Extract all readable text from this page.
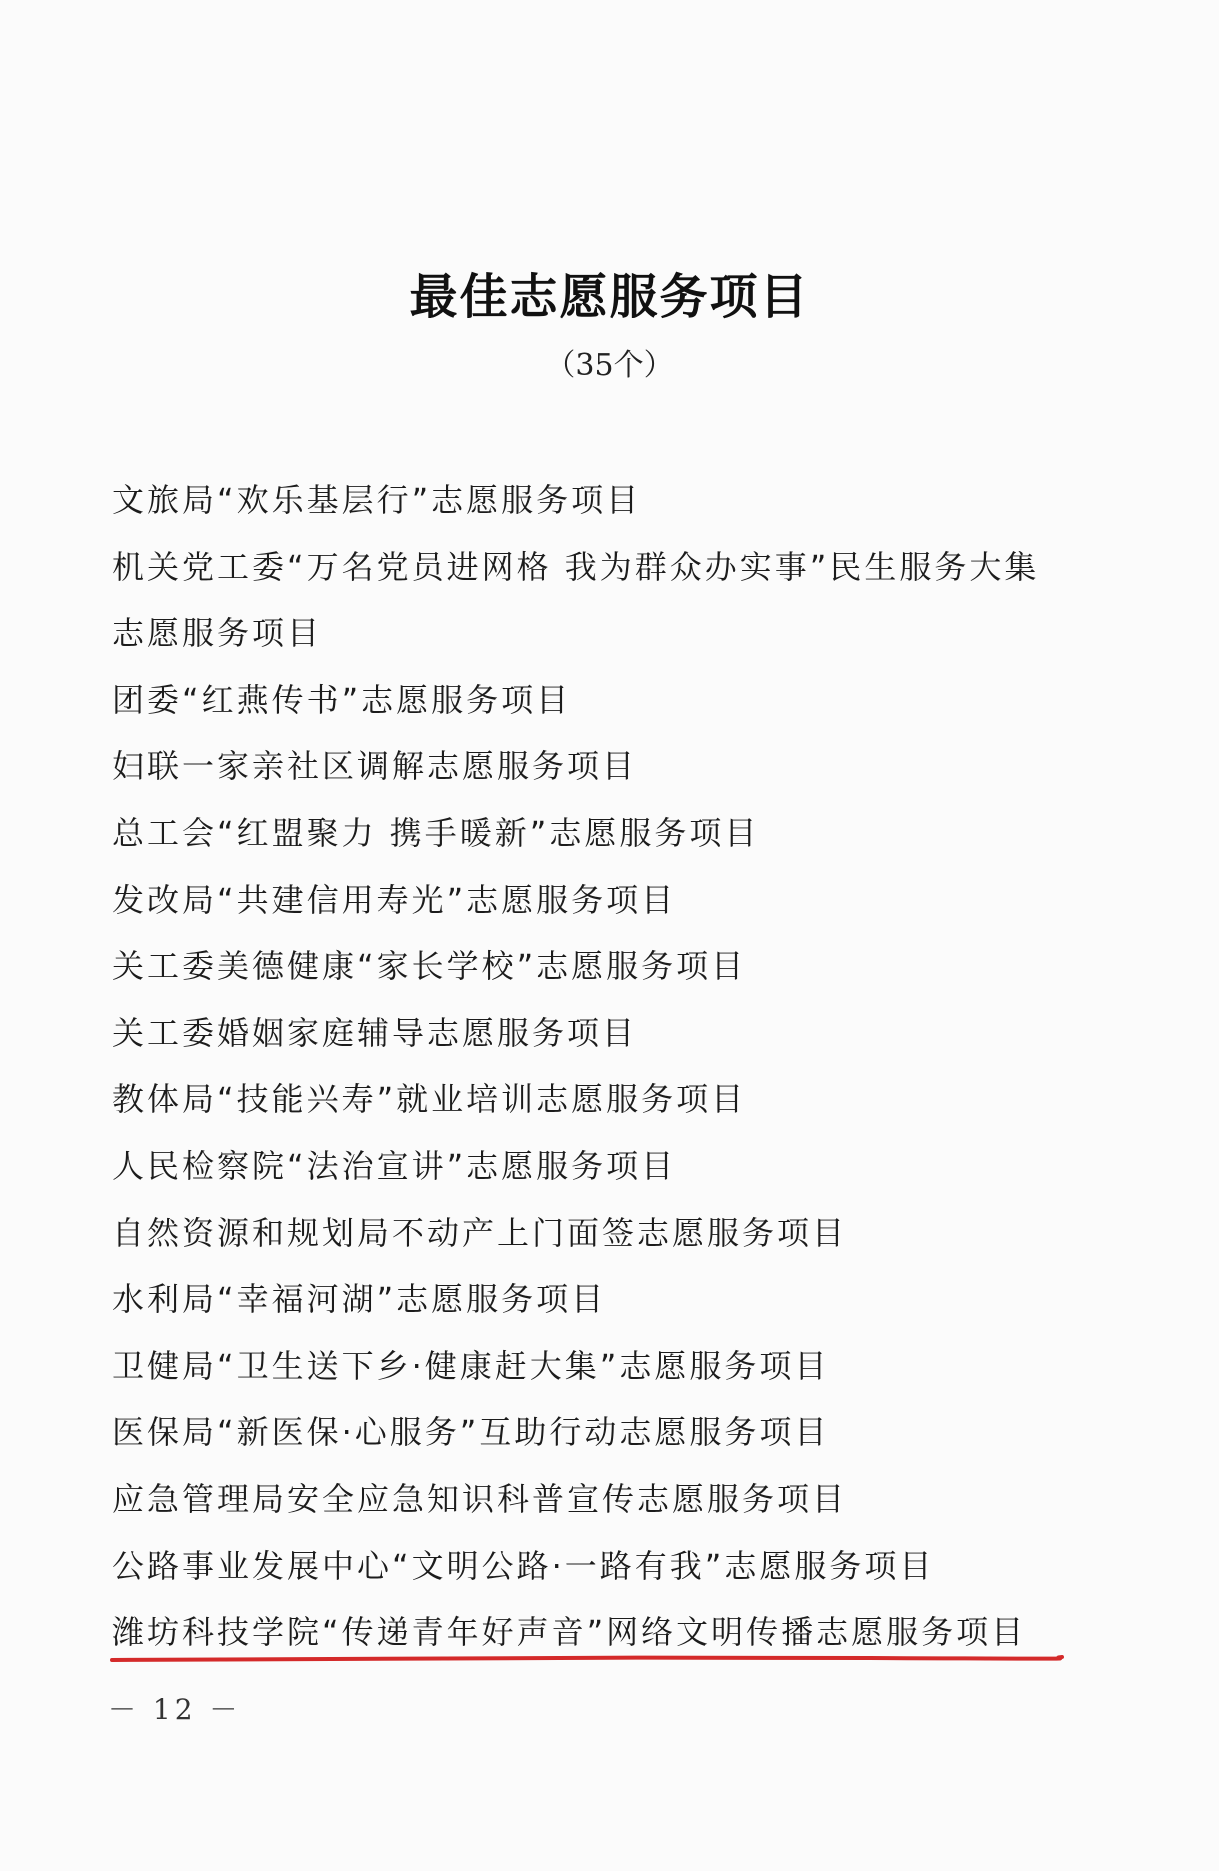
最佳志愿服务项目
（35个）
文旅局“欢乐基层行”志愿服务项目
机关党工委“万名党员进网格 我为群众办实事”民生服务大集
志愿服务项目
团委“红燕传书”志愿服务项目
妇联一家亲社区调解志愿服务项目
总工会“红盟聚力 携手暖新”志愿服务项目
发改局“共建信用寿光”志愿服务项目
关工委美德健康“家长学校”志愿服务项目
关工委婚姻家庭辅导志愿服务项目
教体局“技能兴寿”就业培训志愿服务项目
人民检察院“法治宣讲”志愿服务项目
自然资源和规划局不动产上门面签志愿服务项目
水利局“幸福河湖”志愿服务项目
卫健局“卫生送下乡·健康赶大集”志愿服务项目
医保局“新医保·心服务”互助行动志愿服务项目
应急管理局安全应急知识科普宣传志愿服务项目
公路事业发展中心“文明公路·一路有我”志愿服务项目
潍坊科技学院“传递青年好声音”网络文明传播志愿服务项目
－ 12 －
